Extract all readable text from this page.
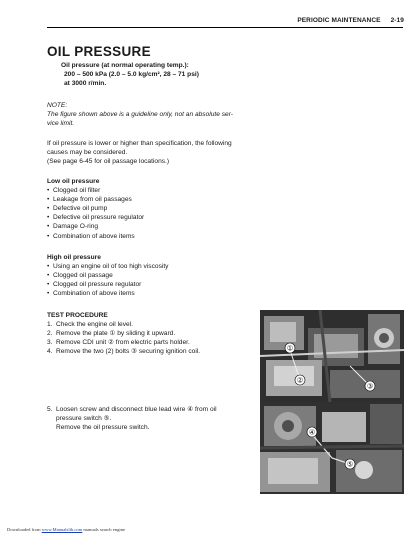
PERIODIC MAINTENANCE 2-19
OIL PRESSURE
Oil pressure (at normal operating temp.):
200 – 500 kPa (2.0 – 5.0 kg/cm², 28 – 71 psi)
at 3000 r/min.
NOTE:
The figure shown above is a guideline only, not an absolute ser-
vice limit.
If oil pressure is lower or higher than specification, the following
causes may be considered.
(See page 6-45 for oil passage locations.)
Low oil pressure
• Clogged oil filter
• Leakage from oil passages
• Defective oil pump
• Defective oil pressure regulator
• Damage O-ring
• Combination of above items
High oil pressure
• Using an engine oil of too high viscosity
• Clogged oil passage
• Clogged oil pressure regulator
• Combination of above items
TEST PROCEDURE
1. Check the engine oil level.
2. Remove the plate ① by sliding it upward.
3. Remove CDI unit ② from electric parts holder.
4. Remove the two (2) bolts ③ securing ignition coil.
5. Loosen screw and disconnect blue lead wire ④ from oil
pressure switch ⑤.
Remove the oil pressure switch.
①
②
③
④
⑤
Downloaded from www.Manualslib.com manuals search engine
